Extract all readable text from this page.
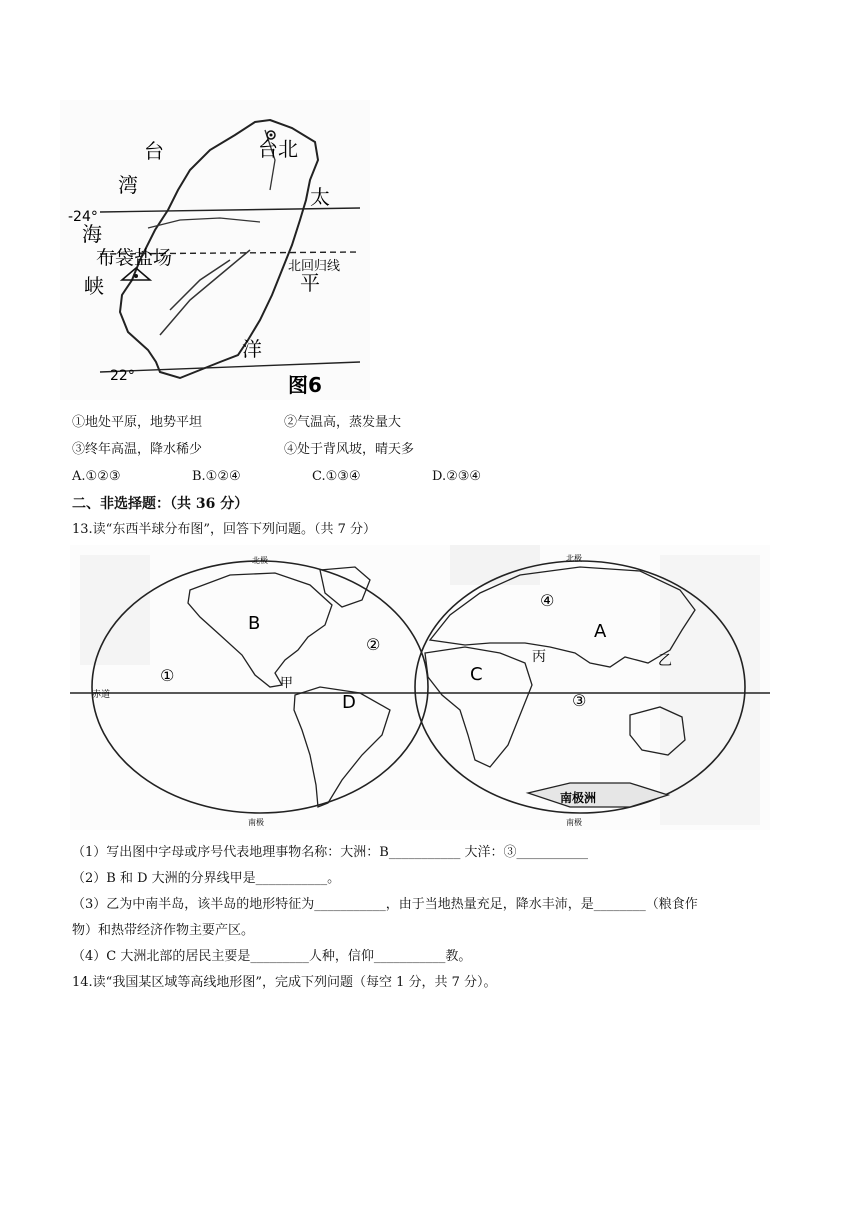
台	台北
湾	太
-24°
海
布袋盐场	北回归线
峡	平
洋
22°	图6
①地处平原，地势平坦	②气温高，蒸发量大
③终年高温，降水稀少	④处于背风坡，晴天多
A.①②③	B.①②④	C.①③④	D.②③④
二、非选择题：（共 36 分）
13.读“东西半球分布图”，回答下列问题。（共 7 分）
北极	北极
南极	南极
赤道
B
D
A
C
①
②
③
④
甲
乙
丙
南极洲
（1）写出图中字母或序号代表地理事物名称：大洲：B___________ 大洋：③___________
（2）B 和 D 大洲的分界线甲是___________。
（3）乙为中南半岛，该半岛的地形特征为___________，由于当地热量充足，降水丰沛，是________（粮食作
物）和热带经济作物主要产区。
（4）C 大洲北部的居民主要是_________人种，信仰___________教。
14.读“我国某区域等高线地形图”，完成下列问题（每空 1 分，共 7 分）。
